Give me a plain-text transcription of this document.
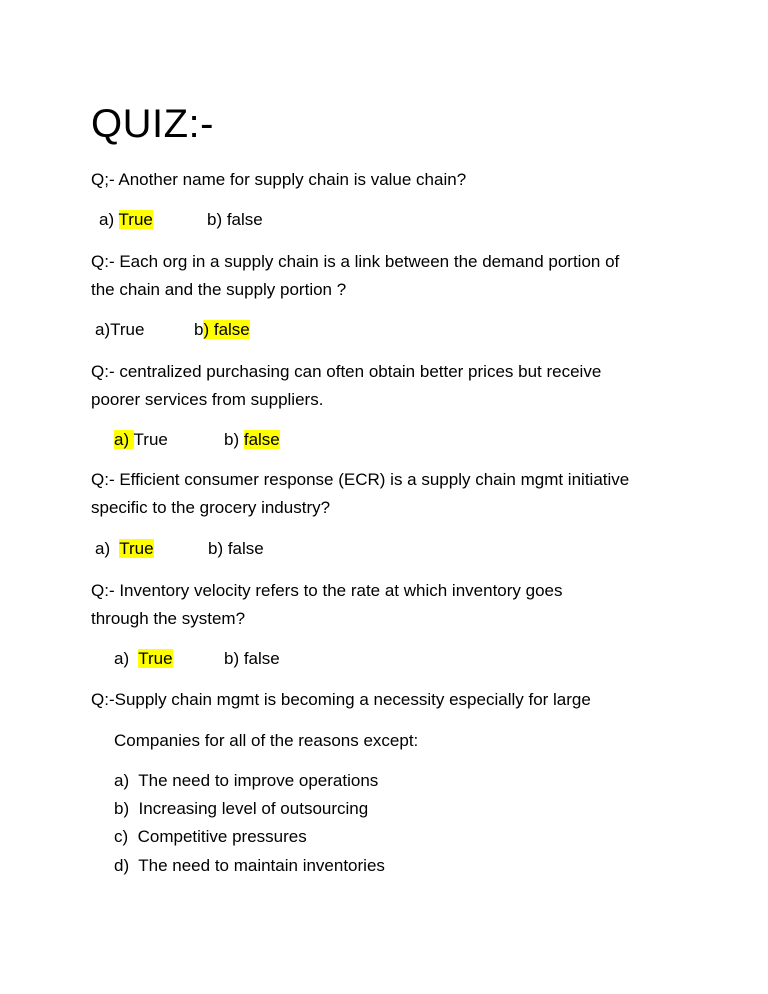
QUIZ:-
Q;- Another name for supply chain is value chain?
a) True	b) false
Q:- Each org in a supply chain is a link between the demand portion of
the chain and the supply portion ?
a)True	b) false
Q:- centralized purchasing can often obtain better prices but receive
poorer services from suppliers.
a) True	b) false
Q:- Efficient consumer response (ECR) is a supply chain mgmt initiative
specific to the grocery industry?
a)  True	b) false
Q:- Inventory velocity refers to the rate at which inventory goes
through the system?
a)  True	b) false
Q:-Supply chain mgmt is becoming a necessity especially for large
Companies for all of the reasons except:
a)  The need to improve operations
b)  Increasing level of outsourcing
c)  Competitive pressures
d)  The need to maintain inventories
